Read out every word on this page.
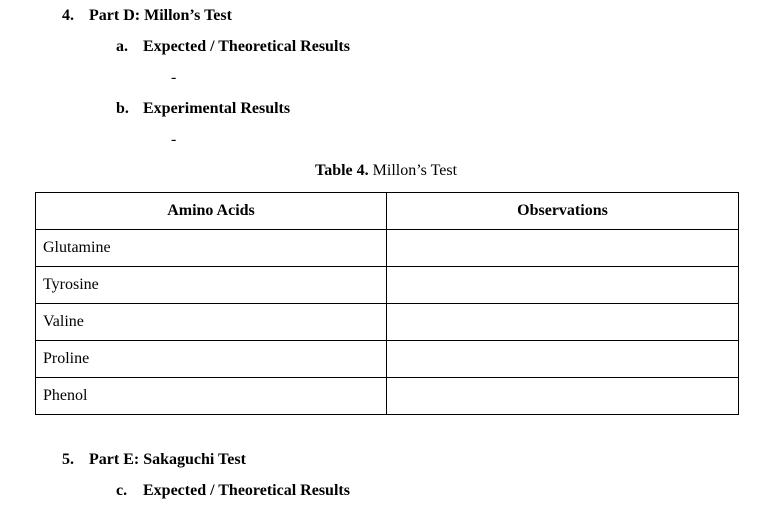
4. Part D: Millon’s Test
a. Expected / Theoretical Results
-
b. Experimental Results
-
Table 4. Millon’s Test
Amino Acids	Observations
Glutamine	
Tyrosine	
Valine	
Proline	
Phenol	
5. Part E: Sakaguchi Test
c. Expected / Theoretical Results
